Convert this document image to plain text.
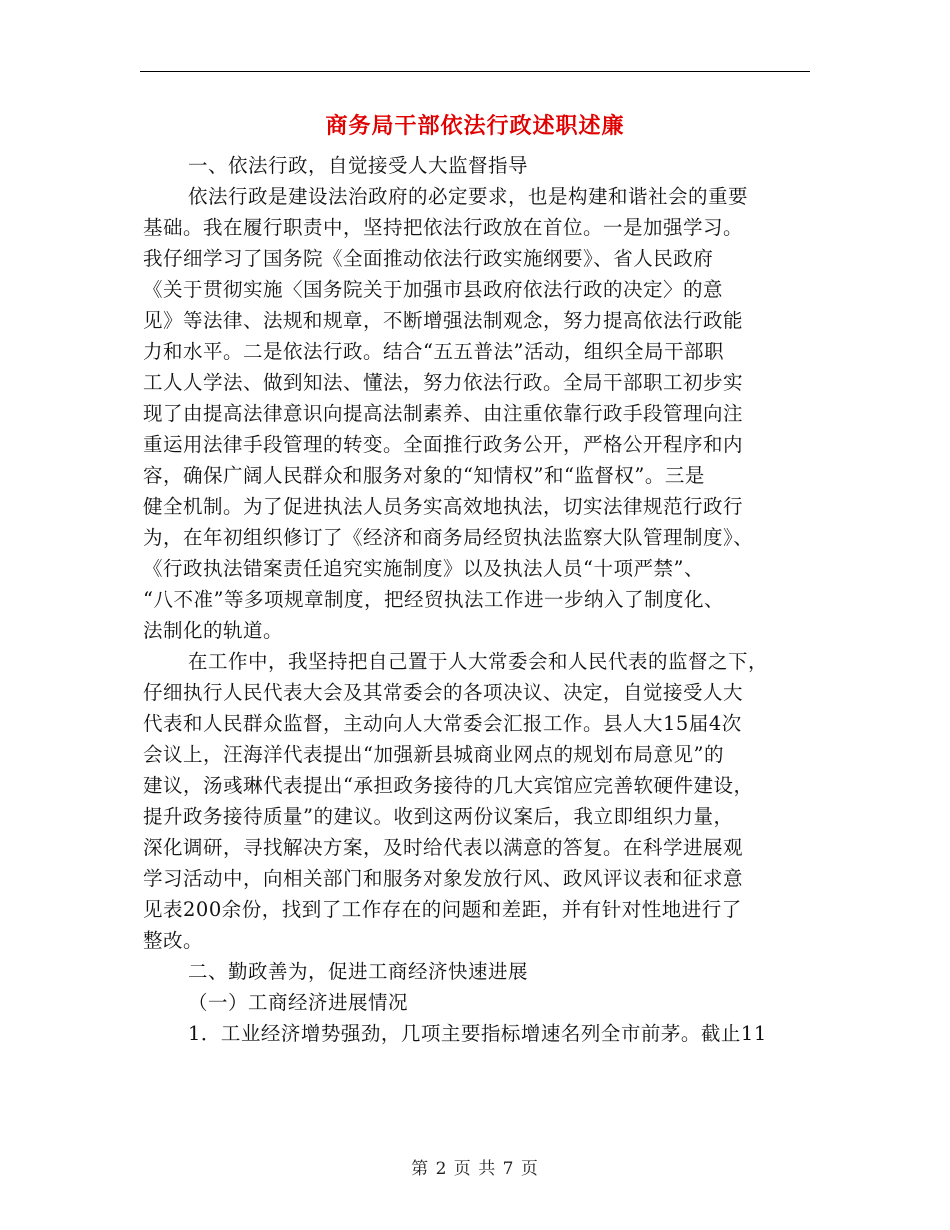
商务局干部依法行政述职述廉
一、依法行政，自觉接受人大监督指导
依法行政是建设法治政府的必定要求，也是构建和谐社会的重要
基础。我在履行职责中，坚持把依法行政放在首位。一是加强学习。
我仔细学习了国务院《全面推动依法行政实施纲要》、省人民政府
《关于贯彻实施〈国务院关于加强市县政府依法行政的决定〉的意
见》等法律、法规和规章，不断增强法制观念，努力提高依法行政能
力和水平。二是依法行政。结合“五五普法”活动，组织全局干部职
工人人学法、做到知法、懂法，努力依法行政。全局干部职工初步实
现了由提高法律意识向提高法制素养、由注重依靠行政手段管理向注
重运用法律手段管理的转变。全面推行政务公开，严格公开程序和内
容，确保广阔人民群众和服务对象的“知情权”和“监督权”。三是
健全机制。为了促进执法人员务实高效地执法，切实法律规范行政行
为，在年初组织修订了《经济和商务局经贸执法监察大队管理制度》、
《行政执法错案责任追究实施制度》以及执法人员“十项严禁”、
“八不准”等多项规章制度，把经贸执法工作进一步纳入了制度化、
法制化的轨道。
在工作中，我坚持把自己置于人大常委会和人民代表的监督之下，
仔细执行人民代表大会及其常委会的各项决议、决定，自觉接受人大
代表和人民群众监督，主动向人大常委会汇报工作。县人大15届4次
会议上，汪海洋代表提出“加强新县城商业网点的规划布局意见”的
建议，汤彧琳代表提出“承担政务接待的几大宾馆应完善软硬件建设，
提升政务接待质量”的建议。收到这两份议案后，我立即组织力量，
深化调研，寻找解决方案，及时给代表以满意的答复。在科学进展观
学习活动中，向相关部门和服务对象发放行风、政风评议表和征求意
见表200余份，找到了工作存在的问题和差距，并有针对性地进行了
整改。
二、勤政善为，促进工商经济快速进展
（一）工商经济进展情况
1．工业经济增势强劲，几项主要指标增速名列全市前茅。截止11
第 2 页 共 7 页
